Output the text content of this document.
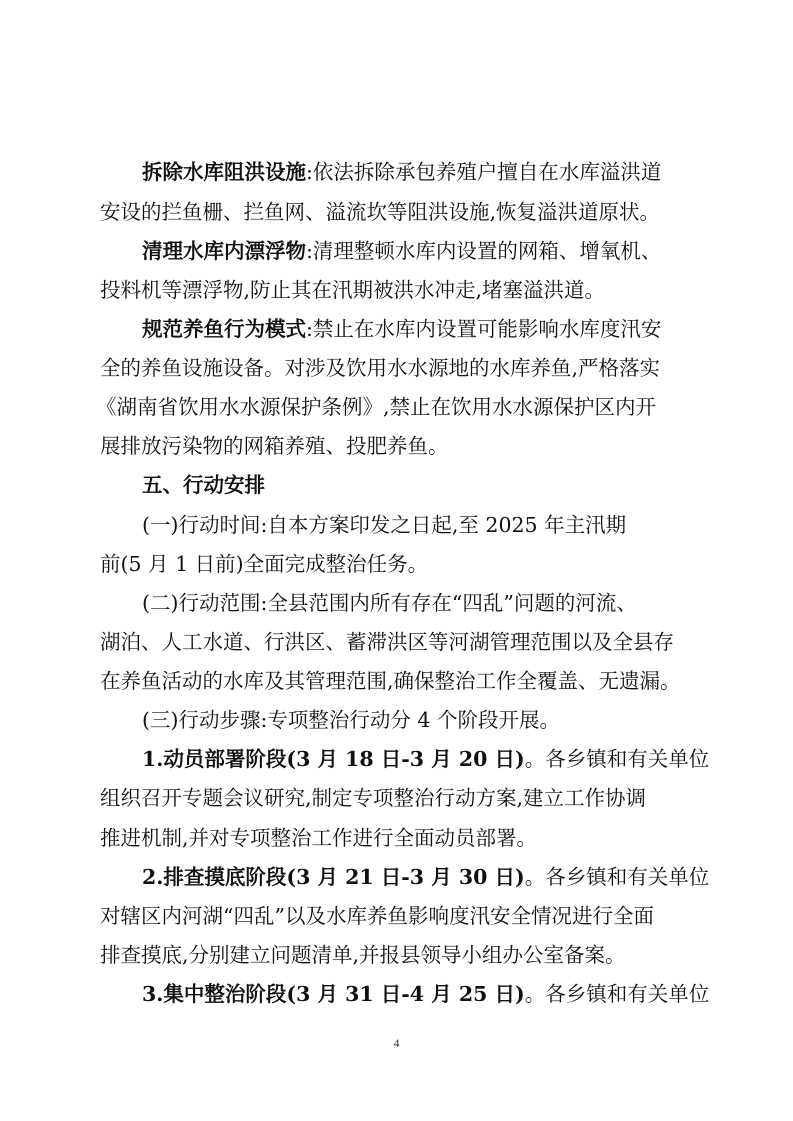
拆除水库阻洪设施:依法拆除承包养殖户擅自在水库溢洪道
安设的拦鱼栅、拦鱼网、溢流坎等阻洪设施,恢复溢洪道原状。
清理水库内漂浮物:清理整顿水库内设置的网箱、增氧机、
投料机等漂浮物,防止其在汛期被洪水冲走,堵塞溢洪道。
规范养鱼行为模式:禁止在水库内设置可能影响水库度汛安
全的养鱼设施设备。对涉及饮用水水源地的水库养鱼,严格落实
《湖南省饮用水水源保护条例》,禁止在饮用水水源保护区内开
展排放污染物的网箱养殖、投肥养鱼。
五、行动安排
(一)行动时间:自本方案印发之日起,至 2025 年主汛期
前(5 月 1 日前)全面完成整治任务。
(二)行动范围:全县范围内所有存在“四乱”问题的河流、
湖泊、人工水道、行洪区、蓄滞洪区等河湖管理范围以及全县存
在养鱼活动的水库及其管理范围,确保整治工作全覆盖、无遗漏。
(三)行动步骤:专项整治行动分 4 个阶段开展。
1.动员部署阶段(3 月 18 日-3 月 20 日)。各乡镇和有关单位
组织召开专题会议研究,制定专项整治行动方案,建立工作协调
推进机制,并对专项整治工作进行全面动员部署。
2.排查摸底阶段(3 月 21 日-3 月 30 日)。各乡镇和有关单位
对辖区内河湖“四乱”以及水库养鱼影响度汛安全情况进行全面
排查摸底,分别建立问题清单,并报县领导小组办公室备案。
3.集中整治阶段(3 月 31 日-4 月 25 日)。各乡镇和有关单位
4
